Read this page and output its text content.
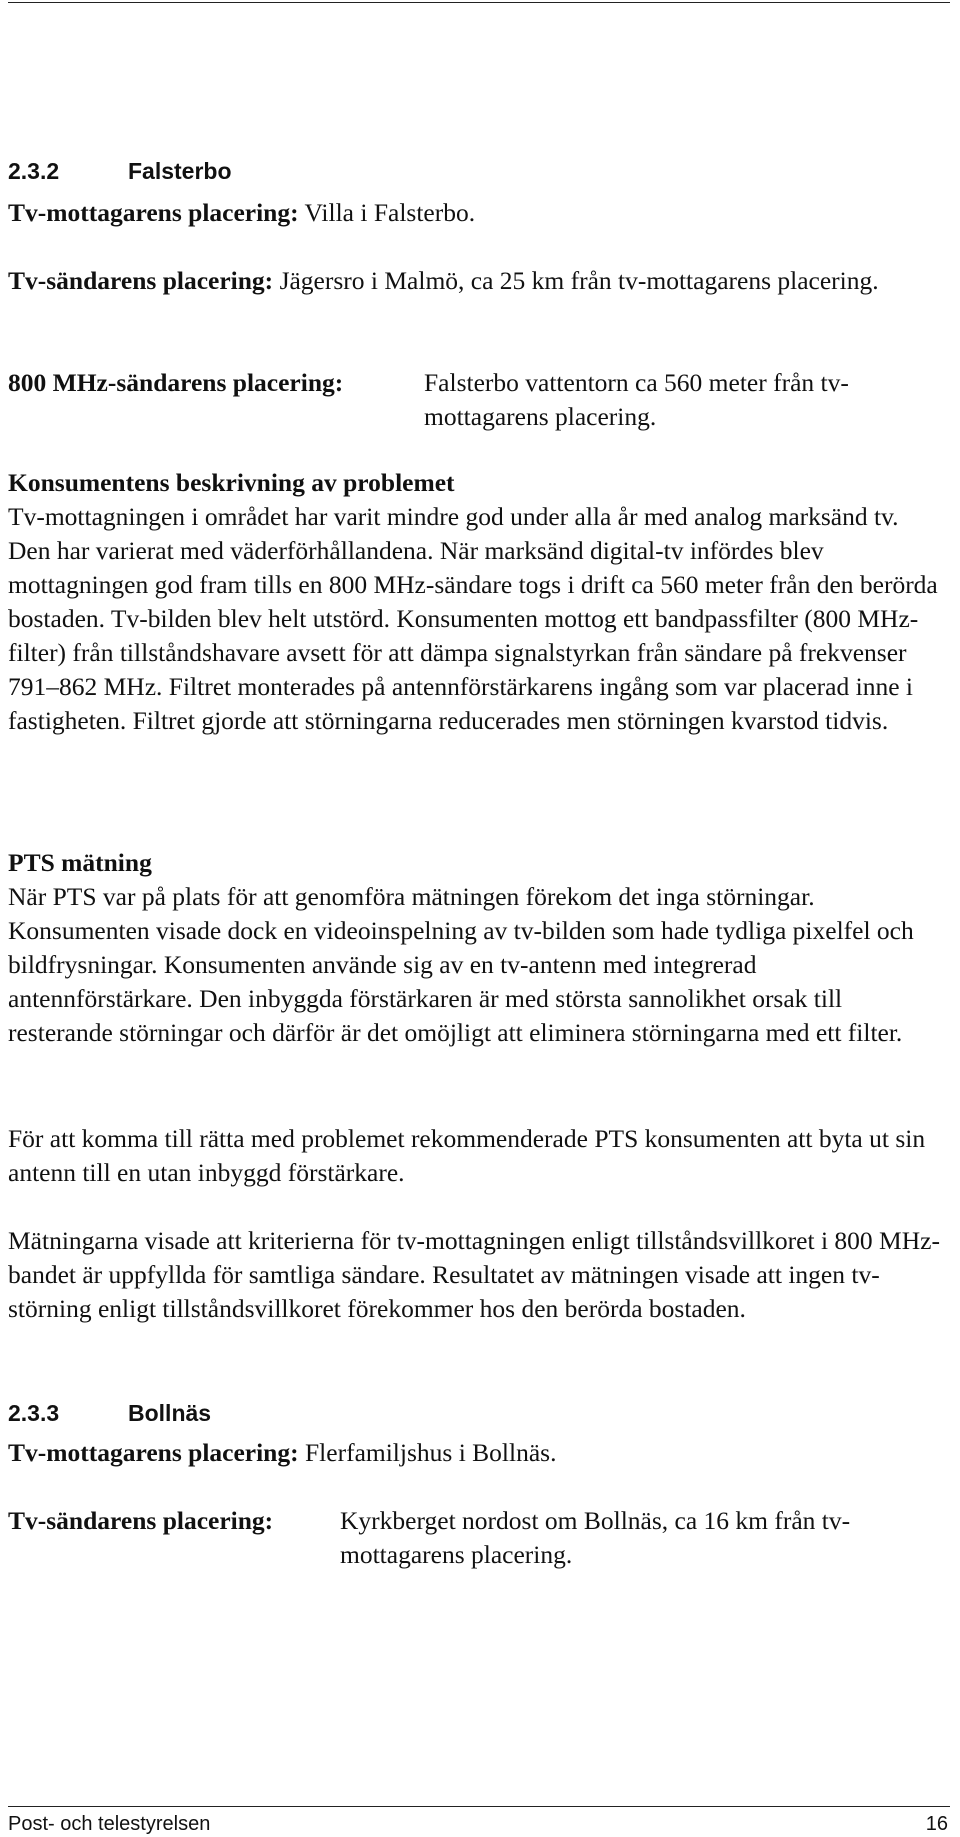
2.3.2	Falsterbo
Tv-mottagarens placering: Villa i Falsterbo.
Tv-sändarens placering: Jägersro i Malmö, ca 25 km från tv-mottagarens placering.
800 MHz-sändarens placering:	Falsterbo vattentorn ca 560 meter från tv-mottagarens placering.
Konsumentens beskrivning av problemet
Tv-mottagningen i området har varit mindre god under alla år med analog marksänd tv. Den har varierat med väderförhållandena. När marksänd digital-tv infördes blev mottagningen god fram tills en 800 MHz-sändare togs i drift ca 560 meter från den berörda bostaden. Tv-bilden blev helt utstörd. Konsumenten mottog ett bandpassfilter (800 MHz-filter) från tillståndshavare avsett för att dämpa signalstyrkan från sändare på frekvenser 791–862 MHz. Filtret monterades på antennförstärkarens ingång som var placerad inne i fastigheten. Filtret gjorde att störningarna reducerades men störningen kvarstod tidvis.
PTS mätning
När PTS var på plats för att genomföra mätningen förekom det inga störningar. Konsumenten visade dock en videoinspelning av tv-bilden som hade tydliga pixelfel och bildfrysningar. Konsumenten använde sig av en tv-antenn med integrerad antennförstärkare. Den inbyggda förstärkaren är med största sannolikhet orsak till resterande störningar och därför är det omöjligt att eliminera störningarna med ett filter.
För att komma till rätta med problemet rekommenderade PTS konsumenten att byta ut sin antenn till en utan inbyggd förstärkare.
Mätningarna visade att kriterierna för tv-mottagningen enligt tillståndsvillkoret i 800 MHz-bandet är uppfyllda för samtliga sändare. Resultatet av mätningen visade att ingen tv-störning enligt tillståndsvillkoret förekommer hos den berörda bostaden.
2.3.3	Bollnäs
Tv-mottagarens placering: Flerfamiljshus i Bollnäs.
Tv-sändarens placering:	Kyrkberget nordost om Bollnäs, ca 16 km från tv-mottagarens placering.
Post- och telestyrelsen	16
